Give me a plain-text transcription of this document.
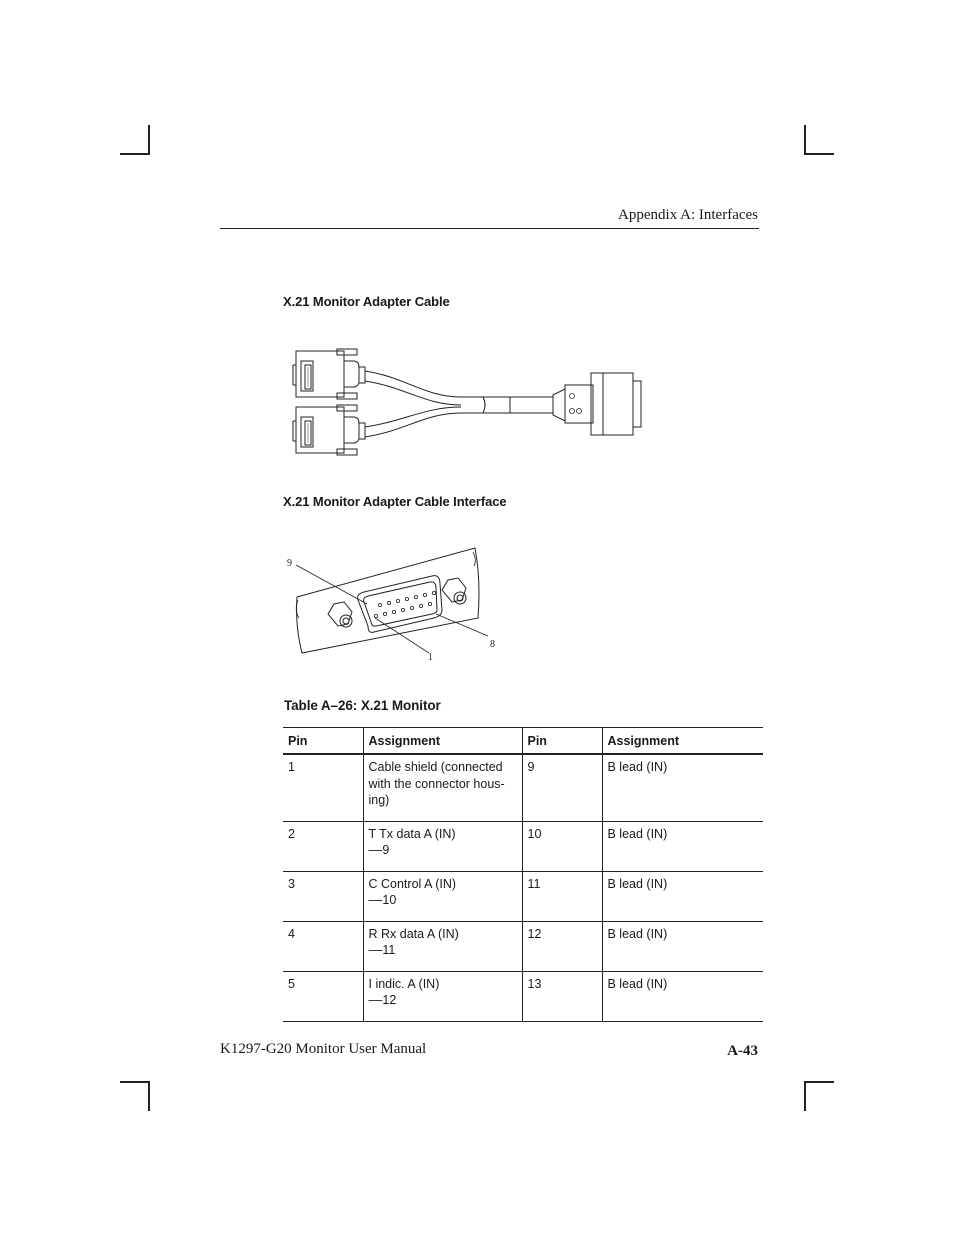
Appendix A: Interfaces
X.21 Monitor Adapter Cable
X.21 Monitor Adapter Cable Interface
9
8
1
Table A–26: X.21 Monitor
Pin	Assignment	Pin	Assignment
1	Cable shield (connected
with the connector hous-
ing)	9	B lead (IN)
2	T Tx data A (IN)
––9	10	B lead (IN)
3	C Control A (IN)
––10	11	B lead (IN)
4	R Rx data A (IN)
––11	12	B lead (IN)
5	I indic. A (IN)
––12	13	B lead (IN)
K1297-G20 Monitor User Manual	A-43
